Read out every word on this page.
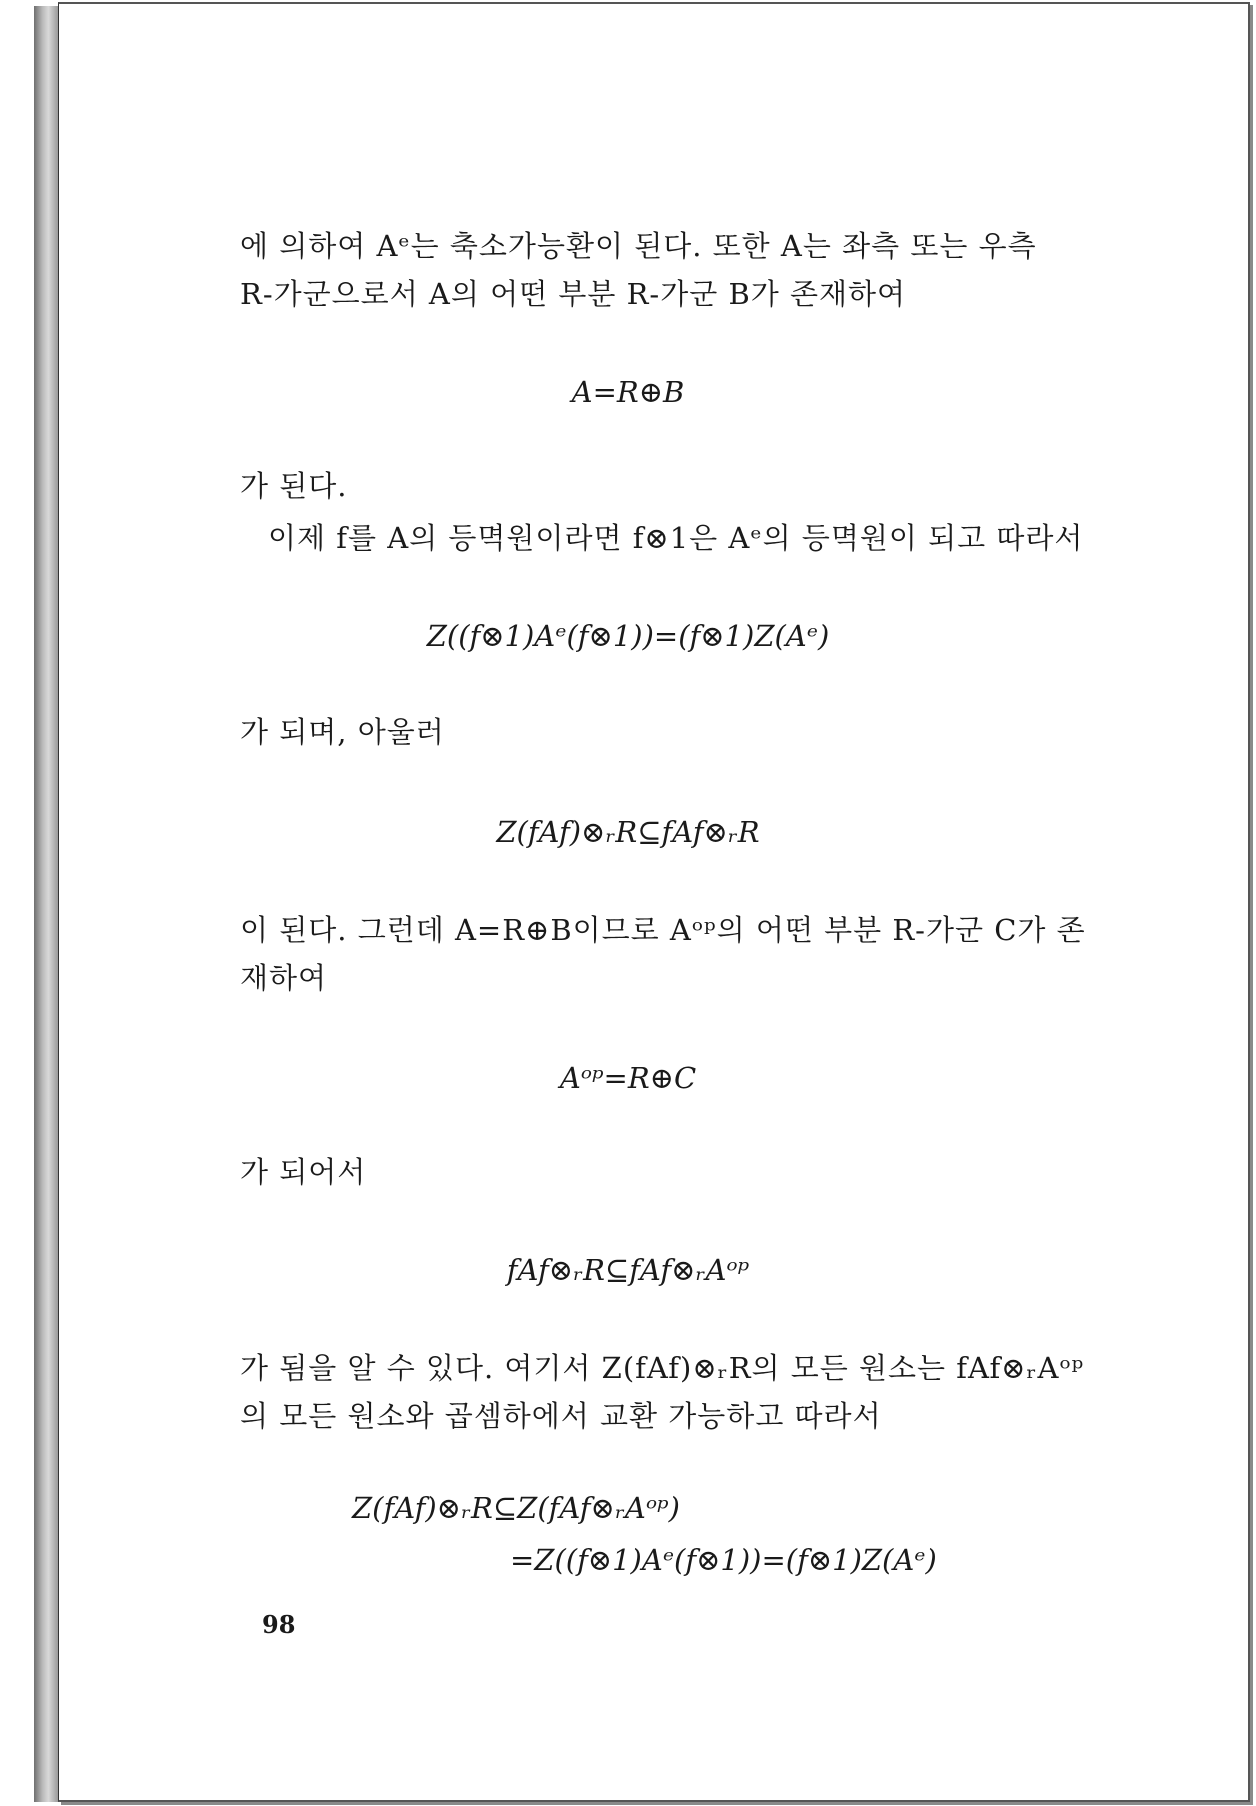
에 의하여 Aᵉ는 축소가능환이 된다. 또한 A는 좌측 또는 우측
R-가군으로서 A의 어떤 부분 R-가군 B가 존재하여
A=R⊕B
가 된다.
이제 f를 A의 등멱원이라면 f⊗1은 Aᵉ의 등멱원이 되고 따라서
Z((f⊗1)Aᵉ(f⊗1))=(f⊗1)Z(Aᵉ)
가 되며, 아울러
Z(fAf)⊗ᵣR⊆fAf⊗ᵣR
이 된다. 그런데 A=R⊕B이므로 Aᵒᵖ의 어떤 부분 R-가군 C가 존
재하여
Aᵒᵖ=R⊕C
가 되어서
fAf⊗ᵣR⊆fAf⊗ᵣAᵒᵖ
가 됨을 알 수 있다. 여기서 Z(fAf)⊗ᵣR의 모든 원소는 fAf⊗ᵣAᵒᵖ
의 모든 원소와 곱셈하에서 교환 가능하고 따라서
Z(fAf)⊗ᵣR⊆Z(fAf⊗ᵣAᵒᵖ)
=Z((f⊗1)Aᵉ(f⊗1))=(f⊗1)Z(Aᵉ)
98
